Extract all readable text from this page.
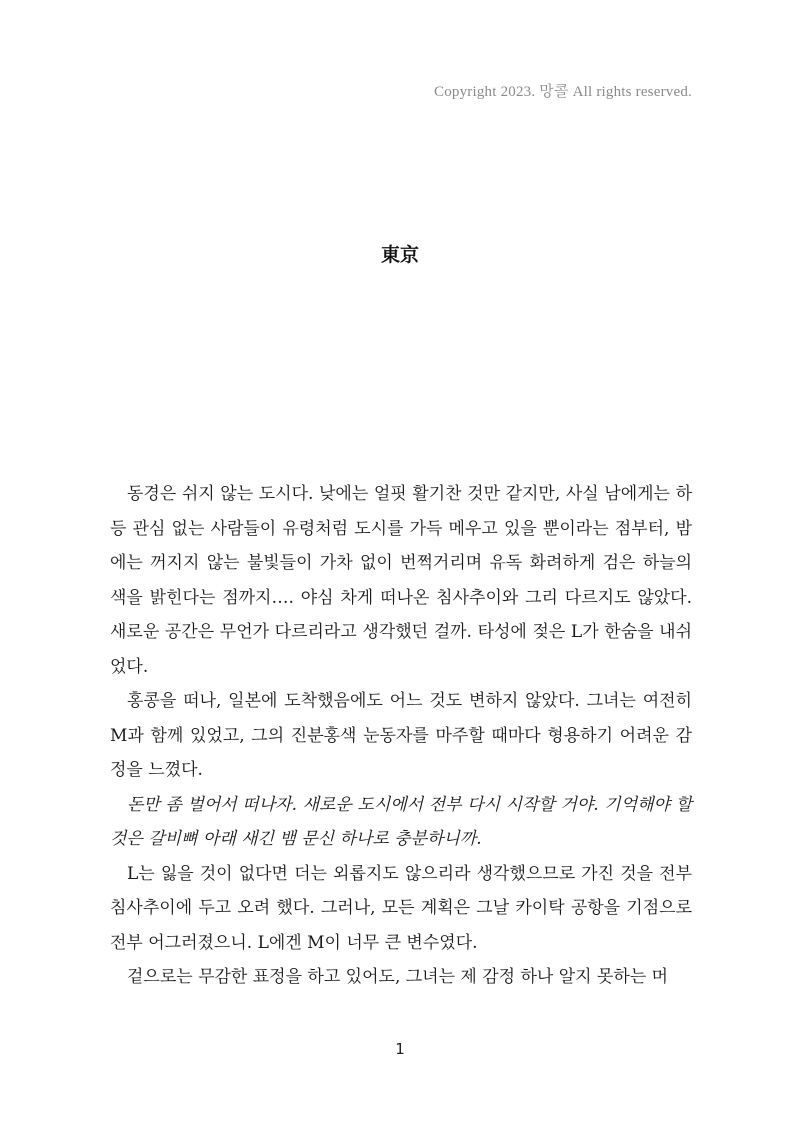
Copyright 2023. 망콜 All rights reserved.
東京

동경은 쉬지 않는 도시다. 낮에는 얼핏 활기찬 것만 같지만, 사실 남에게는 하등 관심 없는 사람들이 유령처럼 도시를 가득 메우고 있을 뿐이라는 점부터, 밤에는 꺼지지 않는 불빛들이 가차 없이 번쩍거리며 유독 화려하게 검은 하늘의 색을 밝힌다는 점까지…. 야심 차게 떠나온 침사추이와 그리 다르지도 않았다. 새로운 공간은 무언가 다르리라고 생각했던 걸까. 타성에 젖은 L가 한숨을 내쉬었다.

홍콩을 떠나, 일본에 도착했음에도 어느 것도 변하지 않았다. 그녀는 여전히 M과 함께 있었고, 그의 진분홍색 눈동자를 마주할 때마다 형용하기 어려운 감정을 느꼈다.

돈만 좀 벌어서 떠나자. 새로운 도시에서 전부 다시 시작할 거야. 기억해야 할 것은 갈비뼈 아래 새긴 뱀 문신 하나로 충분하니까.

L는 잃을 것이 없다면 더는 외롭지도 않으리라 생각했으므로 가진 것을 전부 침사추이에 두고 오려 했다. 그러나, 모든 계획은 그날 카이탁 공항을 기점으로 전부 어그러졌으니. L에겐 M이 너무 큰 변수였다.

겉으로는 무감한 표정을 하고 있어도, 그녀는 제 감정 하나 알지 못하는 머

1
